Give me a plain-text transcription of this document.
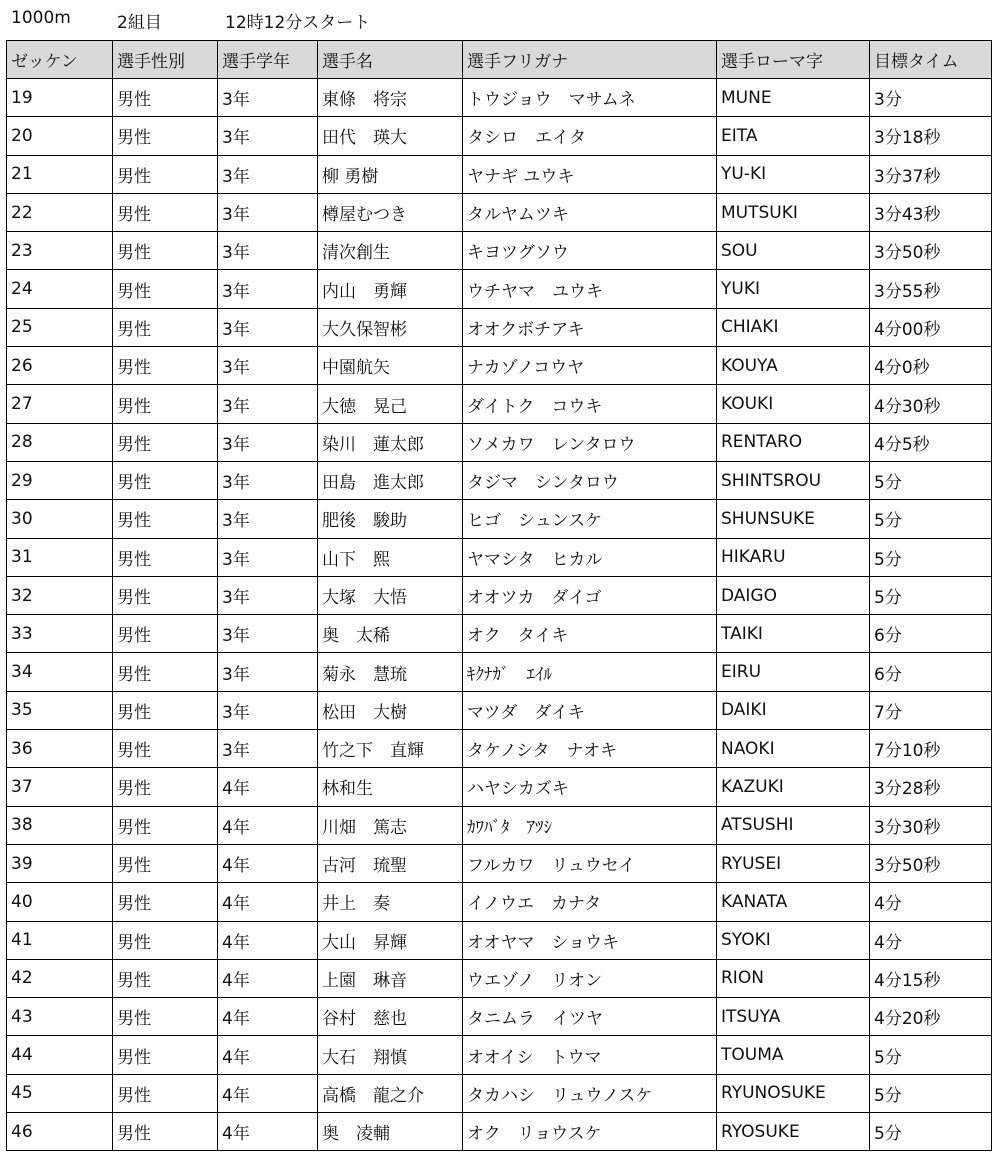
1000m	2組目	12時12分スタート
ゼッケン	選手性別	選手学年	選手名	選手フリガナ	選手ローマ字	目標タイム
19	男性	3年	東條　将宗	トウジョウ　マサムネ	MUNE	3分
20	男性	3年	田代　瑛大	タシロ　エイタ	EITA	3分18秒
21	男性	3年	柳 勇樹	ヤナギ ユウキ	YU-KI	3分37秒
22	男性	3年	樽屋むつき	タルヤムツキ	MUTSUKI	3分43秒
23	男性	3年	清次創生	キヨツグソウ	SOU	3分50秒
24	男性	3年	内山　勇輝	ウチヤマ　ユウキ	YUKI	3分55秒
25	男性	3年	大久保智彬	オオクボチアキ	CHIAKI	4分00秒
26	男性	3年	中園航矢	ナカゾノコウヤ	KOUYA	4分0秒
27	男性	3年	大徳　晃己	ダイトク　コウキ	KOUKI	4分30秒
28	男性	3年	染川　蓮太郎	ソメカワ　レンタロウ	RENTARO	4分5秒
29	男性	3年	田島　進太郎	タジマ　シンタロウ	SHINTSROU	5分
30	男性	3年	肥後　駿助	ヒゴ　シュンスケ	SHUNSUKE	5分
31	男性	3年	山下　熙	ヤマシタ　ヒカル	HIKARU	5分
32	男性	3年	大塚　大悟	オオツカ　ダイゴ	DAIGO	5分
33	男性	3年	奥　太稀	オク　タイキ	TAIKI	6分
34	男性	3年	菊永　慧琉	ｷｸﾅｶﾞ　ｴｲﾙ	EIRU	6分
35	男性	3年	松田　大樹	マツダ　ダイキ	DAIKI	7分
36	男性	3年	竹之下　直輝	タケノシタ　ナオキ	NAOKI	7分10秒
37	男性	4年	林和生	ハヤシカズキ	KAZUKI	3分28秒
38	男性	4年	川畑　篤志	ｶﾜﾊﾞﾀ　ｱﾂｼ	ATSUSHI	3分30秒
39	男性	4年	古河　琉聖	フルカワ　リュウセイ	RYUSEI	3分50秒
40	男性	4年	井上　奏	イノウエ　カナタ	KANATA	4分
41	男性	4年	大山　昇輝	オオヤマ　ショウキ	SYOKI	4分
42	男性	4年	上園　琳音	ウエゾノ　リオン	RION	4分15秒
43	男性	4年	谷村　慈也	タニムラ　イツヤ	ITSUYA	4分20秒
44	男性	4年	大石　翔慎	オオイシ　トウマ	TOUMA	5分
45	男性	4年	高橋　龍之介	タカハシ　リュウノスケ	RYUNOSUKE	5分
46	男性	4年	奥　凌輔	オク　リョウスケ	RYOSUKE	5分
